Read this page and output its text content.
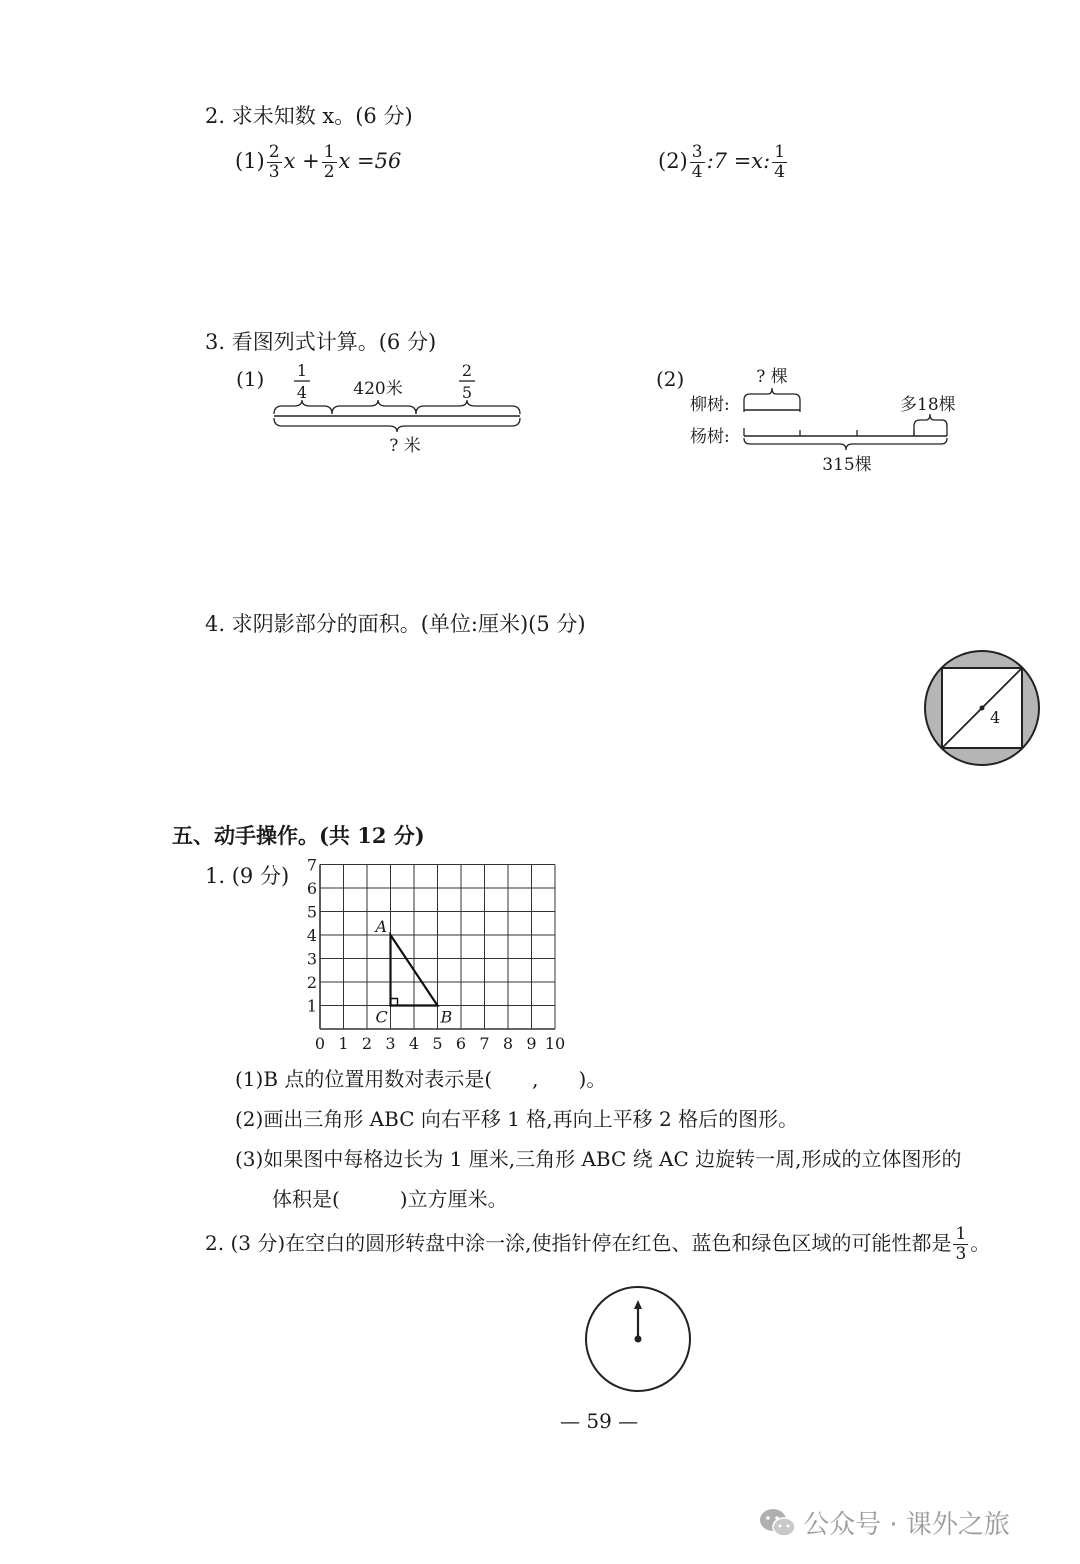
2. 求未知数 x。(6 分)
$(1) \frac{2}{3}$ $x + \frac{1}{2}$ x =56	$(2) \frac{3}{4}$ :7 =x: $\frac{1}{4}$
3. 看图列式计算。(6 分)
(1) 1
4	420米
2
5
? 米
(2)	? 棵
柳树:	多18棵
杨树:
315棵
4. 求阴影部分的面积。(单位:厘米)(5 分)
4
五、动手操作。(共 12 分)
1. (9 分)
0 1 2 3 4 5 6 7 8 9 10
1
2
3
4
5
6
7
A
B
C
(1)B 点的位置用数对表示是(　　,　　)。
(2)画出三角形 ABC 向右平移 1 格,再向上平移 2 格后的图形。
(3)如果图中每格边长为 1 厘米,三角形 ABC 绕 AC 边旋转一周,形成的立体图形的
体积是(　　　)立方厘米。
2. (3 分)在空白的圆形转盘中涂一涂,使指针停在红色、蓝色和绿色区域的可能性都是 $\frac{1}{3}$ 。
— 59 —
公众号 · 课外之旅
